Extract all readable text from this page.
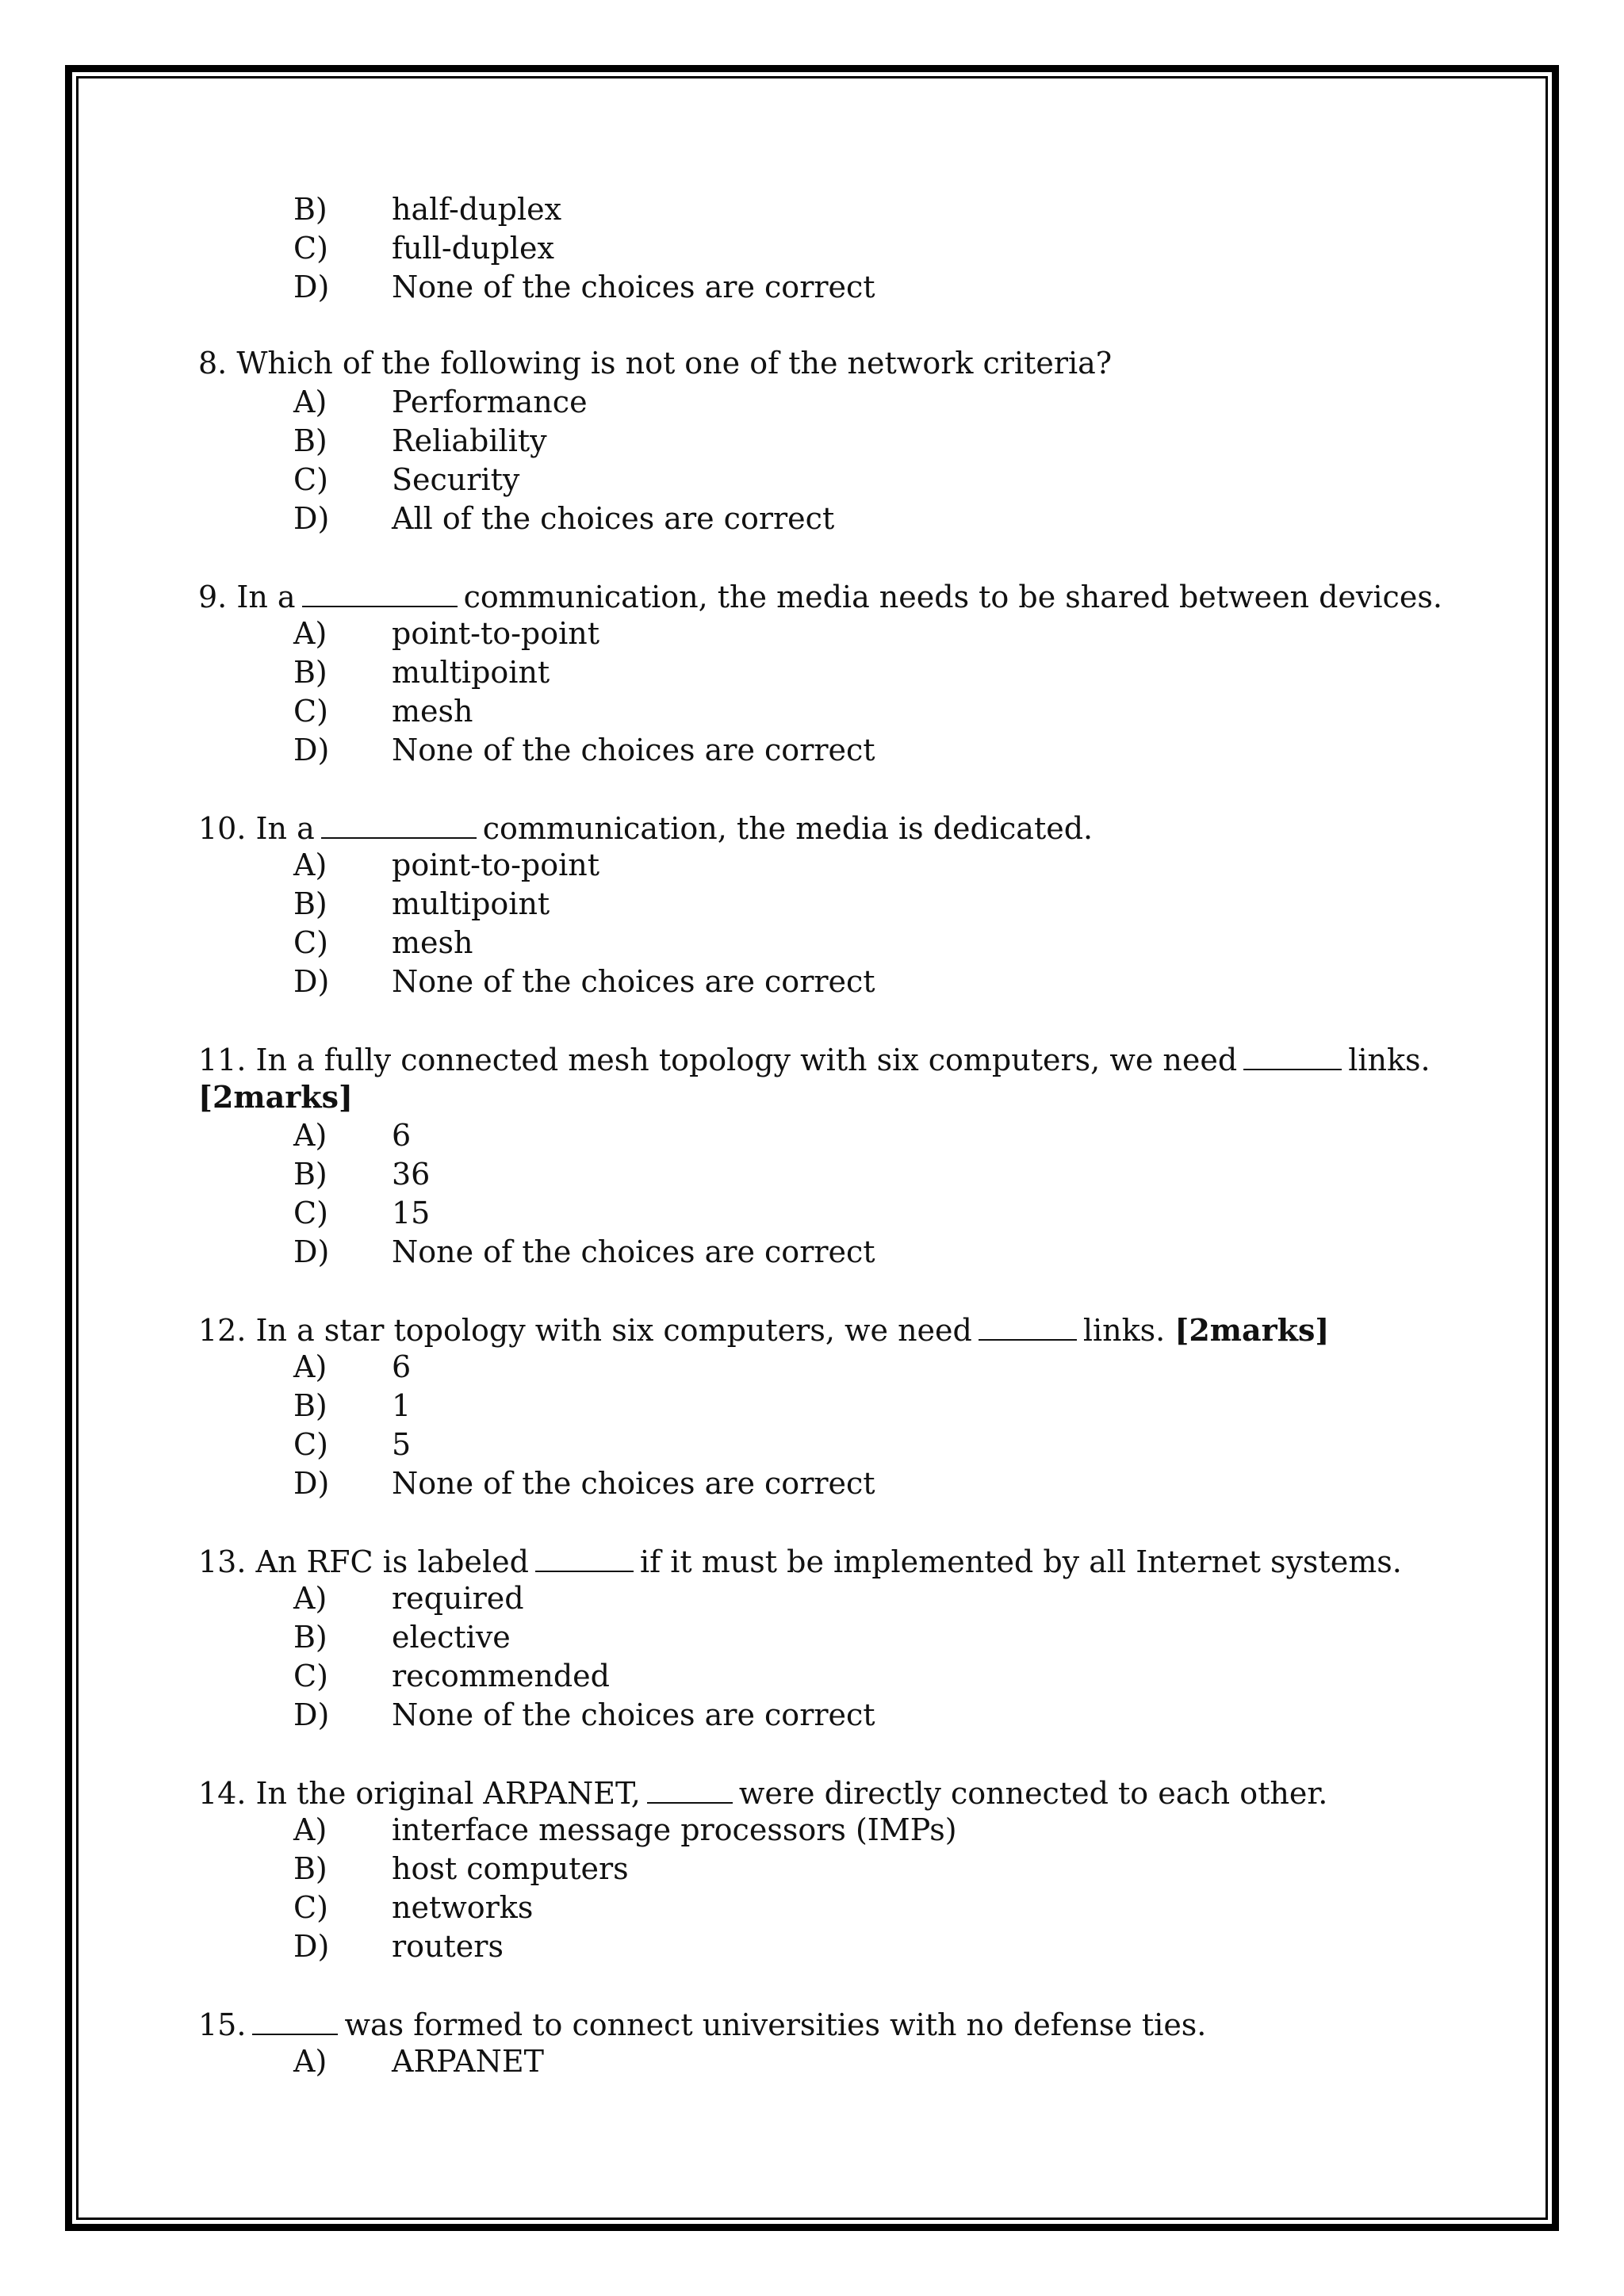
B)	half-duplex
C)	full-duplex
D)	None of the choices are correct
8. Which of the following is not one of the network criteria?
A)	Performance
B)	Reliability
C)	Security
D)	All of the choices are correct
9. In a	communication, the media needs to be shared between devices.
A)	point-to-point
B)	multipoint
C)	mesh
D)	None of the choices are correct
10. In a	communication, the media is dedicated.
A)	point-to-point
B)	multipoint
C)	mesh
D)	None of the choices are correct
11. In a fully connected mesh topology with six computers, we need	links.
[2marks]
A)	6
B)	36
C)	15
D)	None of the choices are correct
12. In a star topology with six computers, we need	links. [2marks]
A)	6
B)	1
C)	5
D)	None of the choices are correct
13. An RFC is labeled	if it must be implemented by all Internet systems.
A)	required
B)	elective
C)	recommended
D)	None of the choices are correct
14. In the original ARPANET,	were directly connected to each other.
A)	interface message processors (IMPs)
B)	host computers
C)	networks
D)	routers
15.	was formed to connect universities with no defense ties.
A)	ARPANET
